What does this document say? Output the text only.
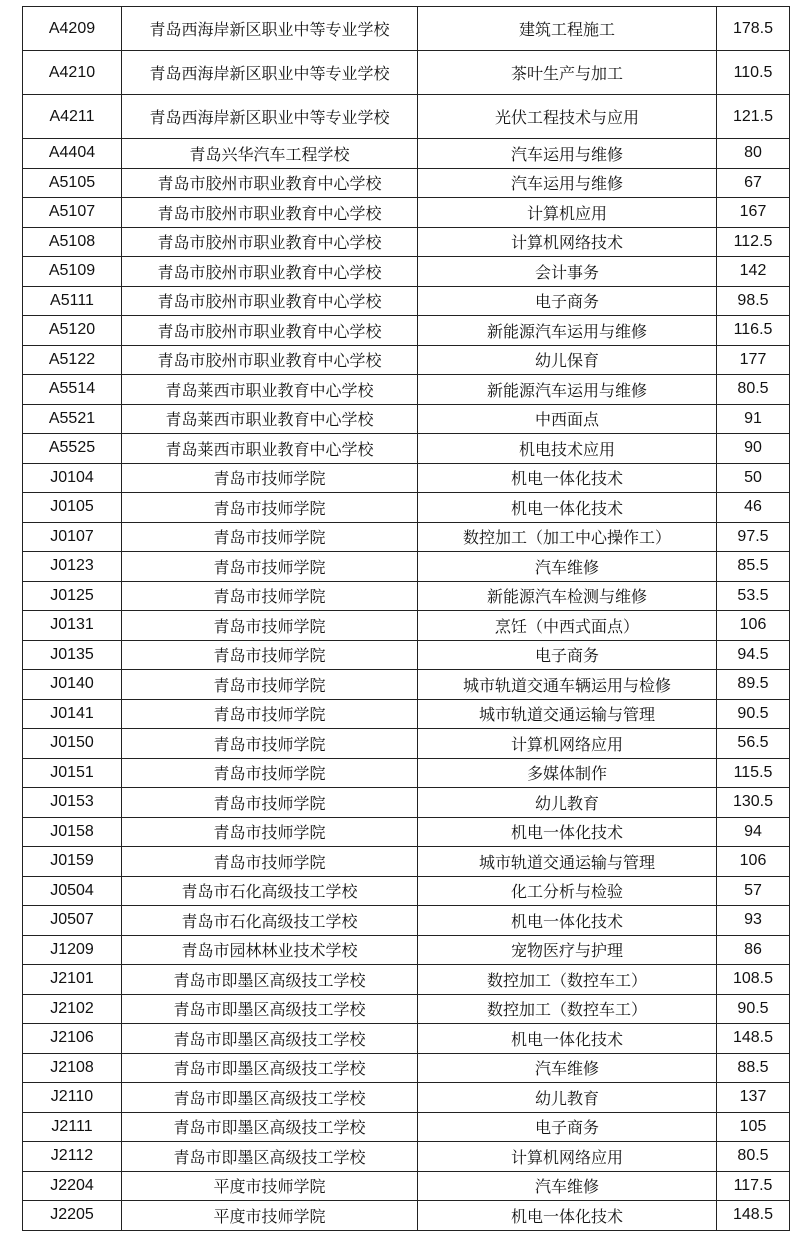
A4209	青岛西海岸新区职业中等专业学校	建筑工程施工	178.5
A4210	青岛西海岸新区职业中等专业学校	茶叶生产与加工	110.5
A4211	青岛西海岸新区职业中等专业学校	光伏工程技术与应用	121.5
A4404	青岛兴华汽车工程学校	汽车运用与维修	80
A5105	青岛市胶州市职业教育中心学校	汽车运用与维修	67
A5107	青岛市胶州市职业教育中心学校	计算机应用	167
A5108	青岛市胶州市职业教育中心学校	计算机网络技术	112.5
A5109	青岛市胶州市职业教育中心学校	会计事务	142
A5111	青岛市胶州市职业教育中心学校	电子商务	98.5
A5120	青岛市胶州市职业教育中心学校	新能源汽车运用与维修	116.5
A5122	青岛市胶州市职业教育中心学校	幼儿保育	177
A5514	青岛莱西市职业教育中心学校	新能源汽车运用与维修	80.5
A5521	青岛莱西市职业教育中心学校	中西面点	91
A5525	青岛莱西市职业教育中心学校	机电技术应用	90
J0104	青岛市技师学院	机电一体化技术	50
J0105	青岛市技师学院	机电一体化技术	46
J0107	青岛市技师学院	数控加工（加工中心操作工）	97.5
J0123	青岛市技师学院	汽车维修	85.5
J0125	青岛市技师学院	新能源汽车检测与维修	53.5
J0131	青岛市技师学院	烹饪（中西式面点）	106
J0135	青岛市技师学院	电子商务	94.5
J0140	青岛市技师学院	城市轨道交通车辆运用与检修	89.5
J0141	青岛市技师学院	城市轨道交通运输与管理	90.5
J0150	青岛市技师学院	计算机网络应用	56.5
J0151	青岛市技师学院	多媒体制作	115.5
J0153	青岛市技师学院	幼儿教育	130.5
J0158	青岛市技师学院	机电一体化技术	94
J0159	青岛市技师学院	城市轨道交通运输与管理	106
J0504	青岛市石化高级技工学校	化工分析与检验	57
J0507	青岛市石化高级技工学校	机电一体化技术	93
J1209	青岛市园林林业技术学校	宠物医疗与护理	86
J2101	青岛市即墨区高级技工学校	数控加工（数控车工）	108.5
J2102	青岛市即墨区高级技工学校	数控加工（数控车工）	90.5
J2106	青岛市即墨区高级技工学校	机电一体化技术	148.5
J2108	青岛市即墨区高级技工学校	汽车维修	88.5
J2110	青岛市即墨区高级技工学校	幼儿教育	137
J2111	青岛市即墨区高级技工学校	电子商务	105
J2112	青岛市即墨区高级技工学校	计算机网络应用	80.5
J2204	平度市技师学院	汽车维修	117.5
J2205	平度市技师学院	机电一体化技术	148.5
